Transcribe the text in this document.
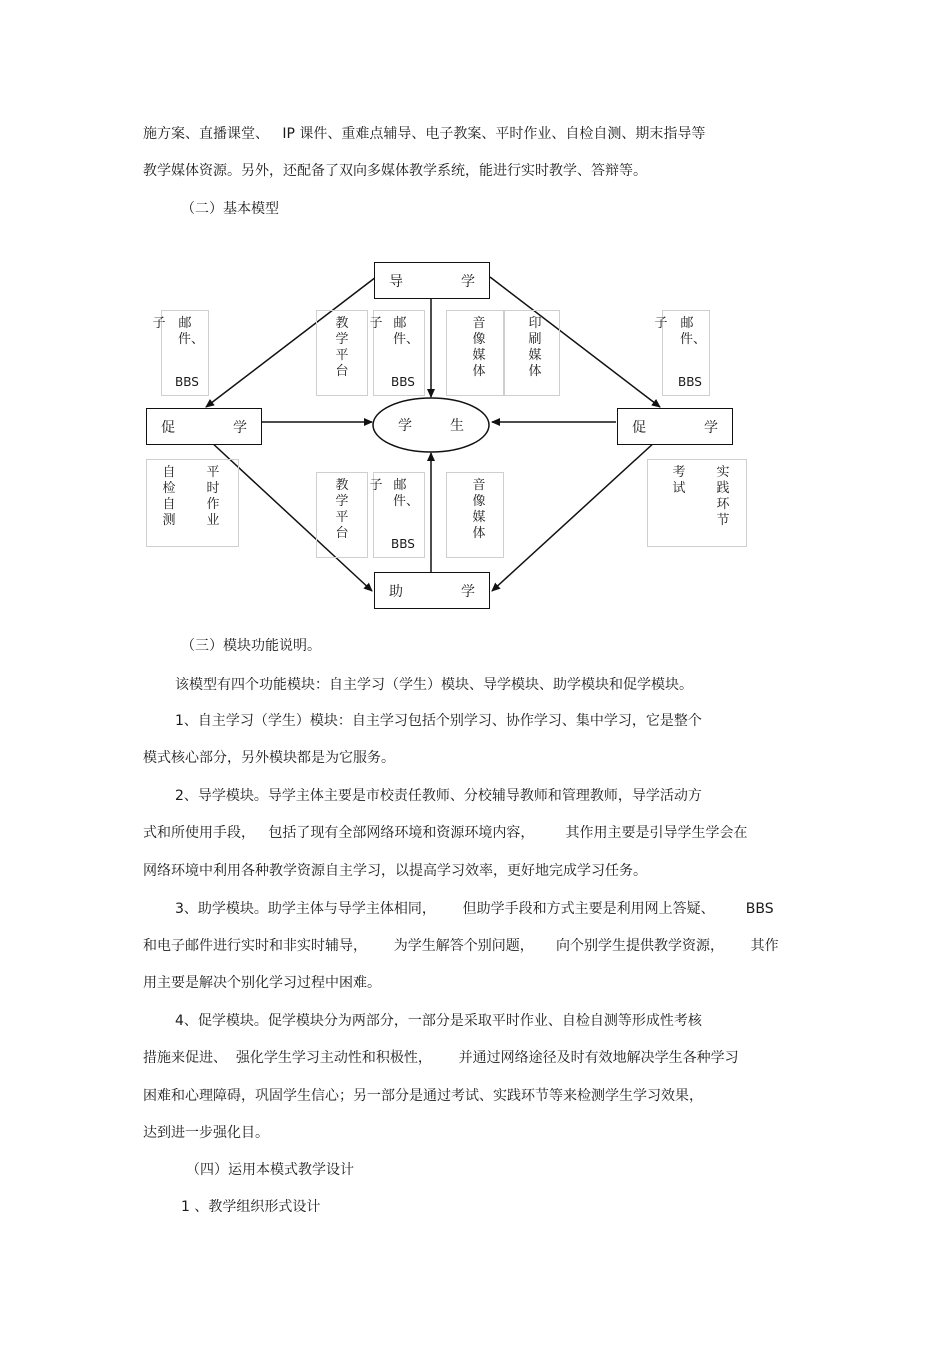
施方案、直播课堂、   IP 课件、重难点辅导、电子教案、平时作业、自检自测、期末指导等
教学媒体资源。另外，还配备了双向多媒体教学系统，能进行实时教学、答辩等。
（二）基本模型
学	生
导	学
促	学	促	学
助	学
子 邮件、
BBS
教学平台
子 邮件、
BBS
音像媒体
印刷媒体
子 邮件、
BBS
自检自测
平时作业
教学平台
子 邮件、
BBS
音像媒体
考试
实践环节
（三）模块功能说明。
该模型有四个功能模块：自主学习（学生）模块、导学模块、助学模块和促学模块。
1、自主学习（学生）模块：自主学习包括个别学习、协作学习、集中学习，它是整个
模式核心部分，另外模块都是为它服务。
2、导学模块。导学主体主要是市校责任教师、分校辅导教师和管理教师，导学活动方
式和所使用手段，   包括了现有全部网络环境和资源环境内容，       其作用主要是引导学生学会在
网络环境中利用各种教学资源自主学习，以提高学习效率，更好地完成学习任务。
3、助学模块。助学主体与导学主体相同，      但助学手段和方式主要是利用网上答疑、       BBS
和电子邮件进行实时和非实时辅导，      为学生解答个别问题，     向个别学生提供教学资源，      其作
用主要是解决个别化学习过程中困难。
4、促学模块。促学模块分为两部分，一部分是采取平时作业、自检自测等形成性考核
措施来促进、  强化学生学习主动性和积极性，      并通过网络途径及时有效地解决学生各种学习
困难和心理障碍，巩固学生信心；另一部分是通过考试、实践环节等来检测学生学习效果，
达到进一步强化目。
（四）运用本模式教学设计
1 、教学组织形式设计
